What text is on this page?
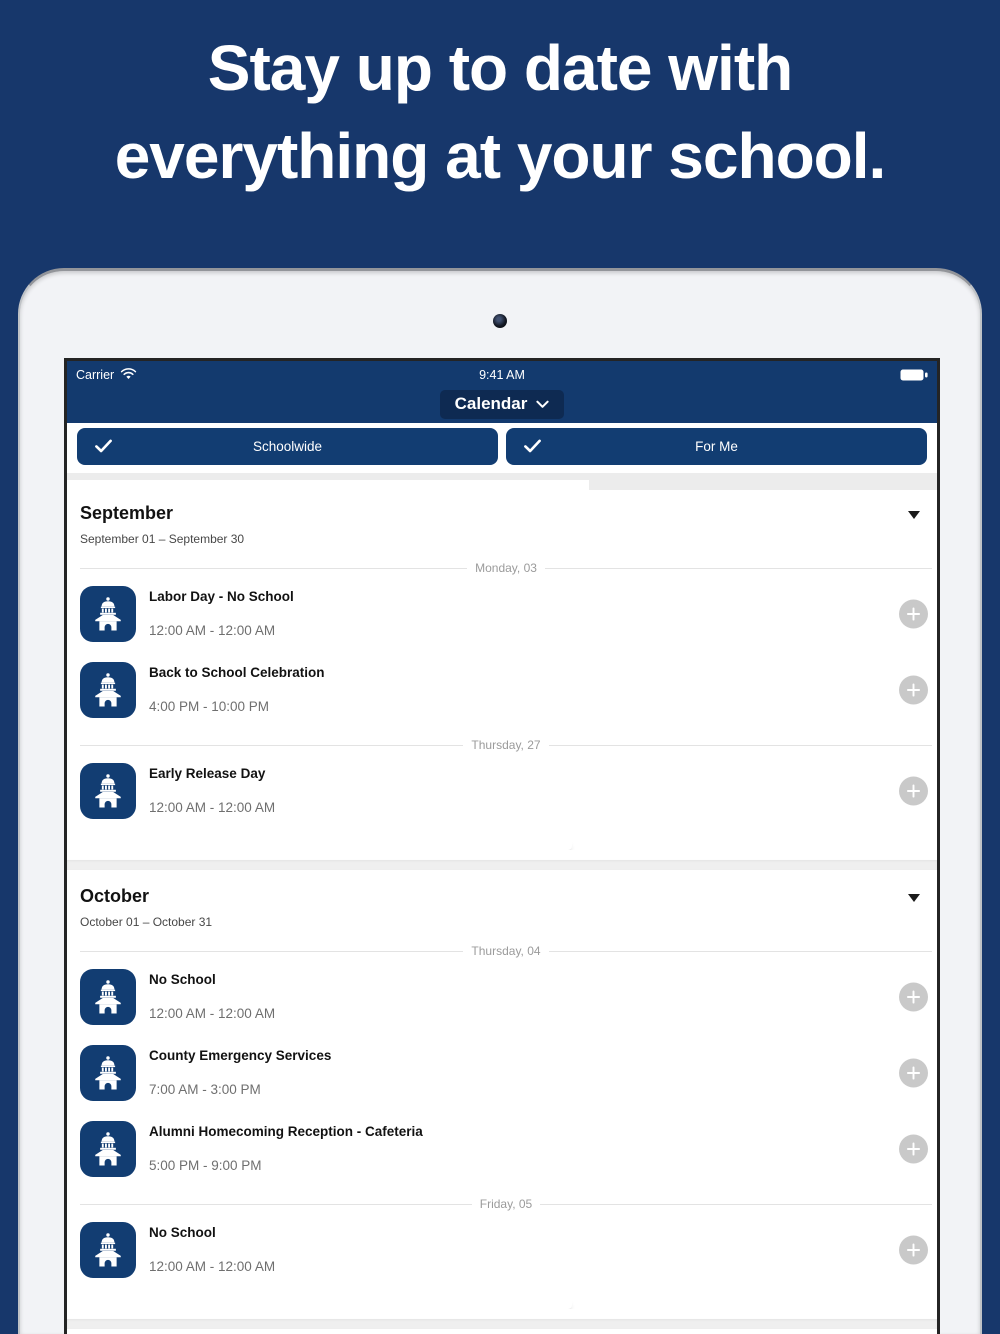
Stay up to date with
everything at your school.
Carrier	9:41 AM
Calendar
Schoolwide	For Me
September
September 01 – September 30
Monday, 03
Labor Day - No School
12:00 AM - 12:00 AM
Back to School Celebration
4:00 PM - 10:00 PM
Thursday, 27
Early Release Day
12:00 AM - 12:00 AM
October
October 01 – October 31
Thursday, 04
No School
12:00 AM - 12:00 AM
County Emergency Services
7:00 AM - 3:00 PM
Alumni Homecoming Reception - Cafeteria
5:00 PM - 9:00 PM
Friday, 05
No School
12:00 AM - 12:00 AM
